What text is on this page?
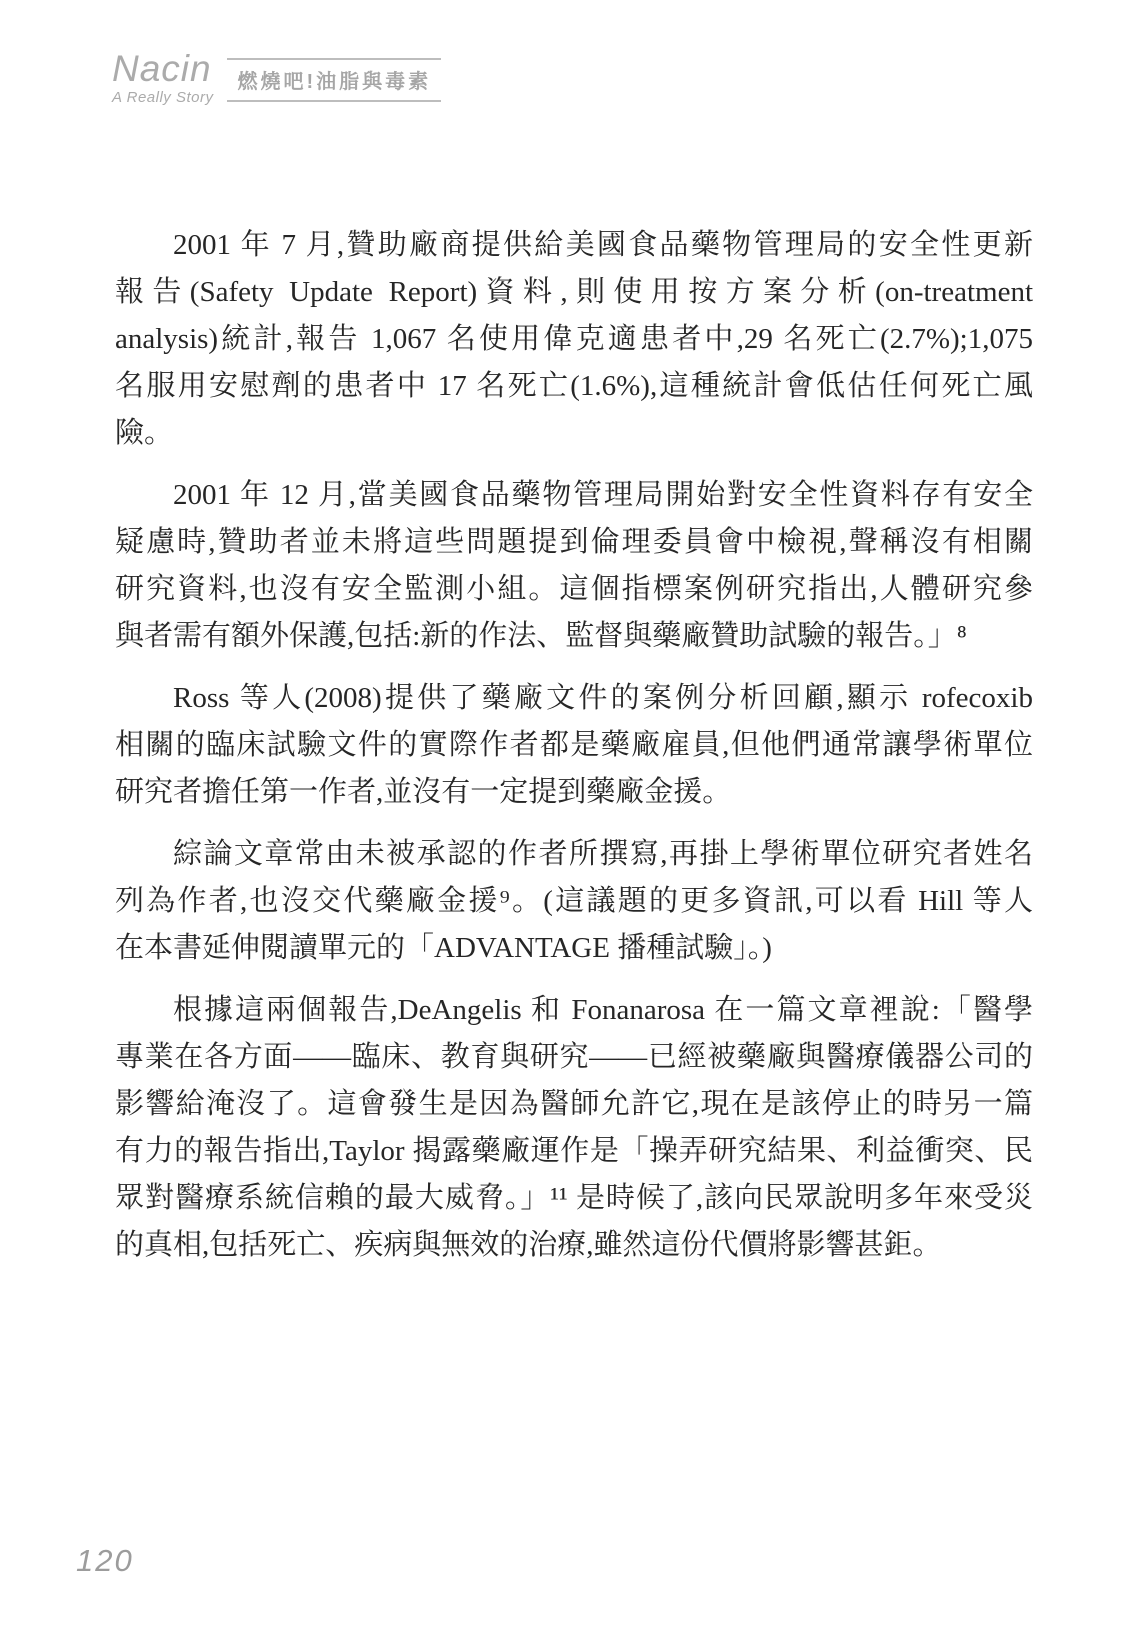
Nacin
A Really Story
燃燒吧!油脂與毒素

2001 年 7 月,贊助廠商提供給美國食品藥物管理局的安全性更新
報告(Safety Update Report)資料,則使用按方案分析(on-treatment
analysis)統計,報告 1,067 名使用偉克適患者中,29 名死亡(2.7%);1,075
名服用安慰劑的患者中 17 名死亡(1.6%),這種統計會低估任何死亡風
險。

2001 年 12 月,當美國食品藥物管理局開始對安全性資料存有安全
疑慮時,贊助者並未將這些問題提到倫理委員會中檢視,聲稱沒有相關
研究資料,也沒有安全監測小組。這個指標案例研究指出,人體研究參
與者需有額外保護,包括:新的作法、監督與藥廠贊助試驗的報告。」⁸

Ross 等人(2008)提供了藥廠文件的案例分析回顧,顯示 rofecoxib
相關的臨床試驗文件的實際作者都是藥廠雇員,但他們通常讓學術單位
研究者擔任第一作者,並沒有一定提到藥廠金援。

綜論文章常由未被承認的作者所撰寫,再掛上學術單位研究者姓名
列為作者,也沒交代藥廠金援⁹。(這議題的更多資訊,可以看 Hill 等人
在本書延伸閱讀單元的「ADVANTAGE 播種試驗」。)

根據這兩個報告,DeAngelis 和 Fonanarosa 在一篇文章裡說:「醫學
專業在各方面——臨床、教育與研究——已經被藥廠與醫療儀器公司的
影響給淹沒了。這會發生是因為醫師允許它,現在是該停止的時另一篇
有力的報告指出,Taylor 揭露藥廠運作是「操弄研究結果、利益衝突、民
眾對醫療系統信賴的最大威脅。」¹¹ 是時候了,該向民眾說明多年來受災
的真相,包括死亡、疾病與無效的治療,雖然這份代價將影響甚鉅。

120
